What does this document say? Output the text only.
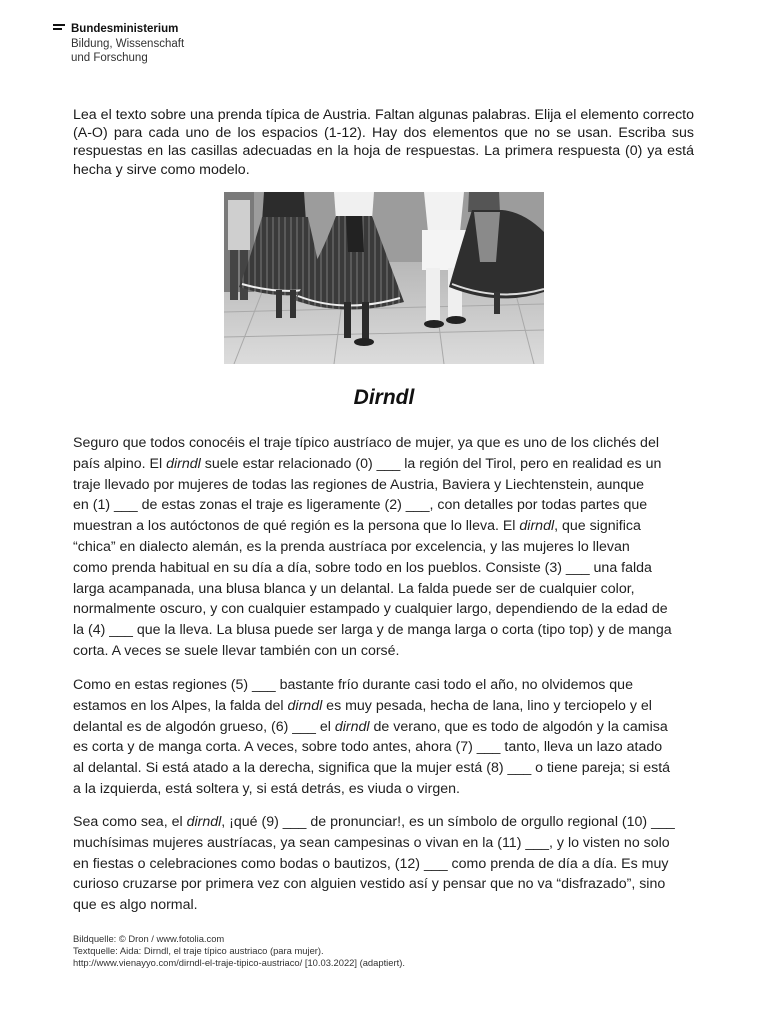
Bundesministerium
Bildung, Wissenschaft
und Forschung

Lea el texto sobre una prenda típica de Austria. Faltan algunas palabras. Elija el elemento correcto (A-O) para cada uno de los espacios (1-12). Hay dos elementos que no se usan. Escriba sus respuestas en las casillas adecuadas en la hoja de respuestas. La primera respuesta (0) ya está hecha y sirve como modelo.

Dirndl
Seguro que todos conocéis el traje típico austríaco de mujer, ya que es uno de los clichés del
país alpino. El dirndl suele estar relacionado (0) ___ la región del Tirol, pero en realidad es un
traje llevado por mujeres de todas las regiones de Austria, Baviera y Liechtenstein, aunque
en (1) ___ de estas zonas el traje es ligeramente (2) ___, con detalles por todas partes que
muestran a los autóctonos de qué región es la persona que lo lleva. El dirndl, que significa
“chica” en dialecto alemán, es la prenda austríaca por excelencia, y las mujeres lo llevan
como prenda habitual en su día a día, sobre todo en los pueblos. Consiste (3) ___ una falda
larga acampanada, una blusa blanca y un delantal. La falda puede ser de cualquier color,
normalmente oscuro, y con cualquier estampado y cualquier largo, dependiendo de la edad de
la (4) ___ que la lleva. La blusa puede ser larga y de manga larga o corta (tipo top) y de manga
corta. A veces se suele llevar también con un corsé.
Como en estas regiones (5) ___ bastante frío durante casi todo el año, no olvidemos que
estamos en los Alpes, la falda del dirndl es muy pesada, hecha de lana, lino y terciopelo y el
delantal es de algodón grueso, (6) ___ el dirndl de verano, que es todo de algodón y la camisa
es corta y de manga corta. A veces, sobre todo antes, ahora (7) ___ tanto, lleva un lazo atado
al delantal. Si está atado a la derecha, significa que la mujer está (8) ___ o tiene pareja; si está
a la izquierda, está soltera y, si está detrás, es viuda o virgen.
Sea como sea, el dirndl, ¡qué (9) ___ de pronunciar!, es un símbolo de orgullo regional (10) ___
muchísimas mujeres austríacas, ya sean campesinas o vivan en la (11) ___, y lo visten no solo
en fiestas o celebraciones como bodas o bautizos, (12) ___ como prenda de día a día. Es muy
curioso cruzarse por primera vez con alguien vestido así y pensar que no va “disfrazado”, sino
que es algo normal.
Bildquelle: © Dron / www.fotolia.com
Textquelle: Aida: Dirndl, el traje típico austriaco (para mujer).
http://www.vienayyo.com/dirndl-el-traje-tipico-austriaco/ [10.03.2022] (adaptiert).
